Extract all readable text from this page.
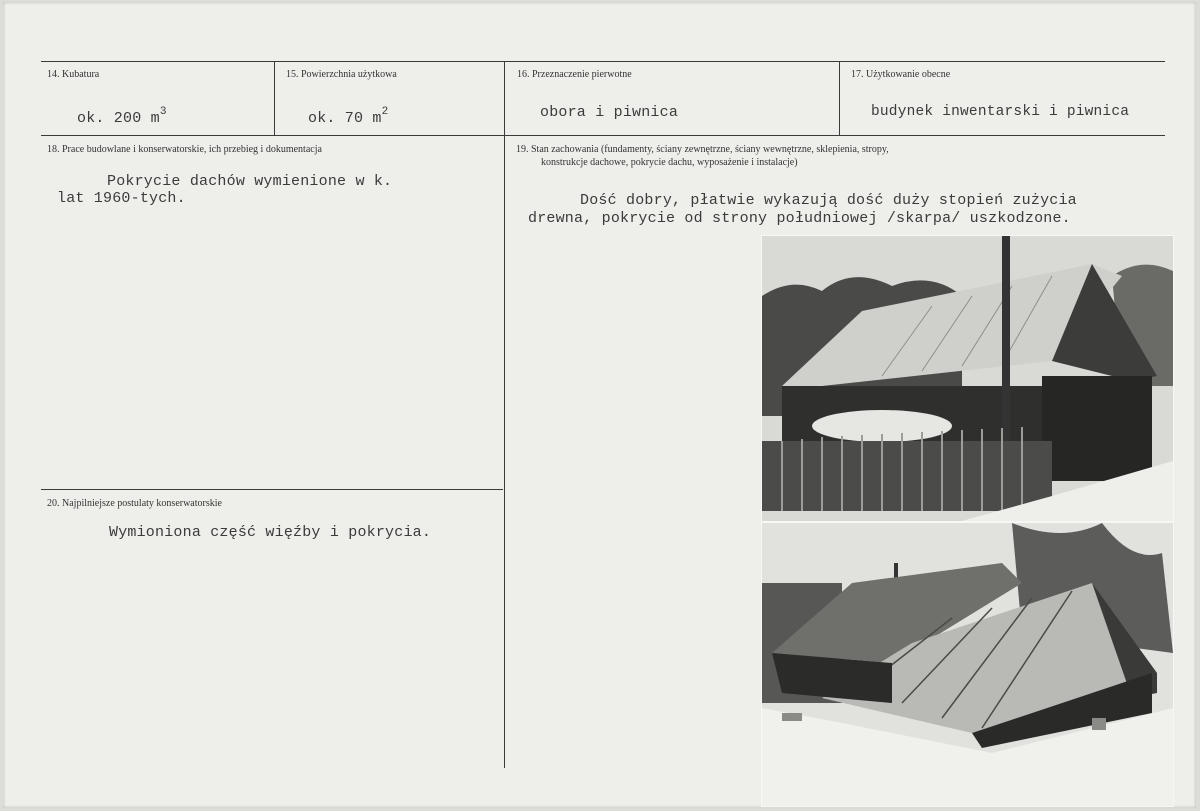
14. Kubatura	15. Powierzchnia użytkowa	16. Przeznaczenie pierwotne	17. Użytkowanie obecne
ok. 200 $m^3$	ok. 70 $m^2$	obora i piwnica	budynek inwentarski i piwnica
18. Prace budowlane i konserwatorskie, ich przebieg i dokumentacja
Pokrycie dachów wymienione w k.
lat 1960-tych.
19. Stan zachowania (fundamenty, ściany zewnętrzne, ściany wewnętrzne, sklepienia, stropy,
konstrukcje dachowe, pokrycie dachu, wyposażenie i instalacje)
Dość dobry, płatwie wykazują dość duży stopień zużycia
drewna, pokrycie od strony południowej /skarpa/ uszkodzone.
20. Najpilniejsze postulaty konserwatorskie
Wymioniona część więźby i pokrycia.
